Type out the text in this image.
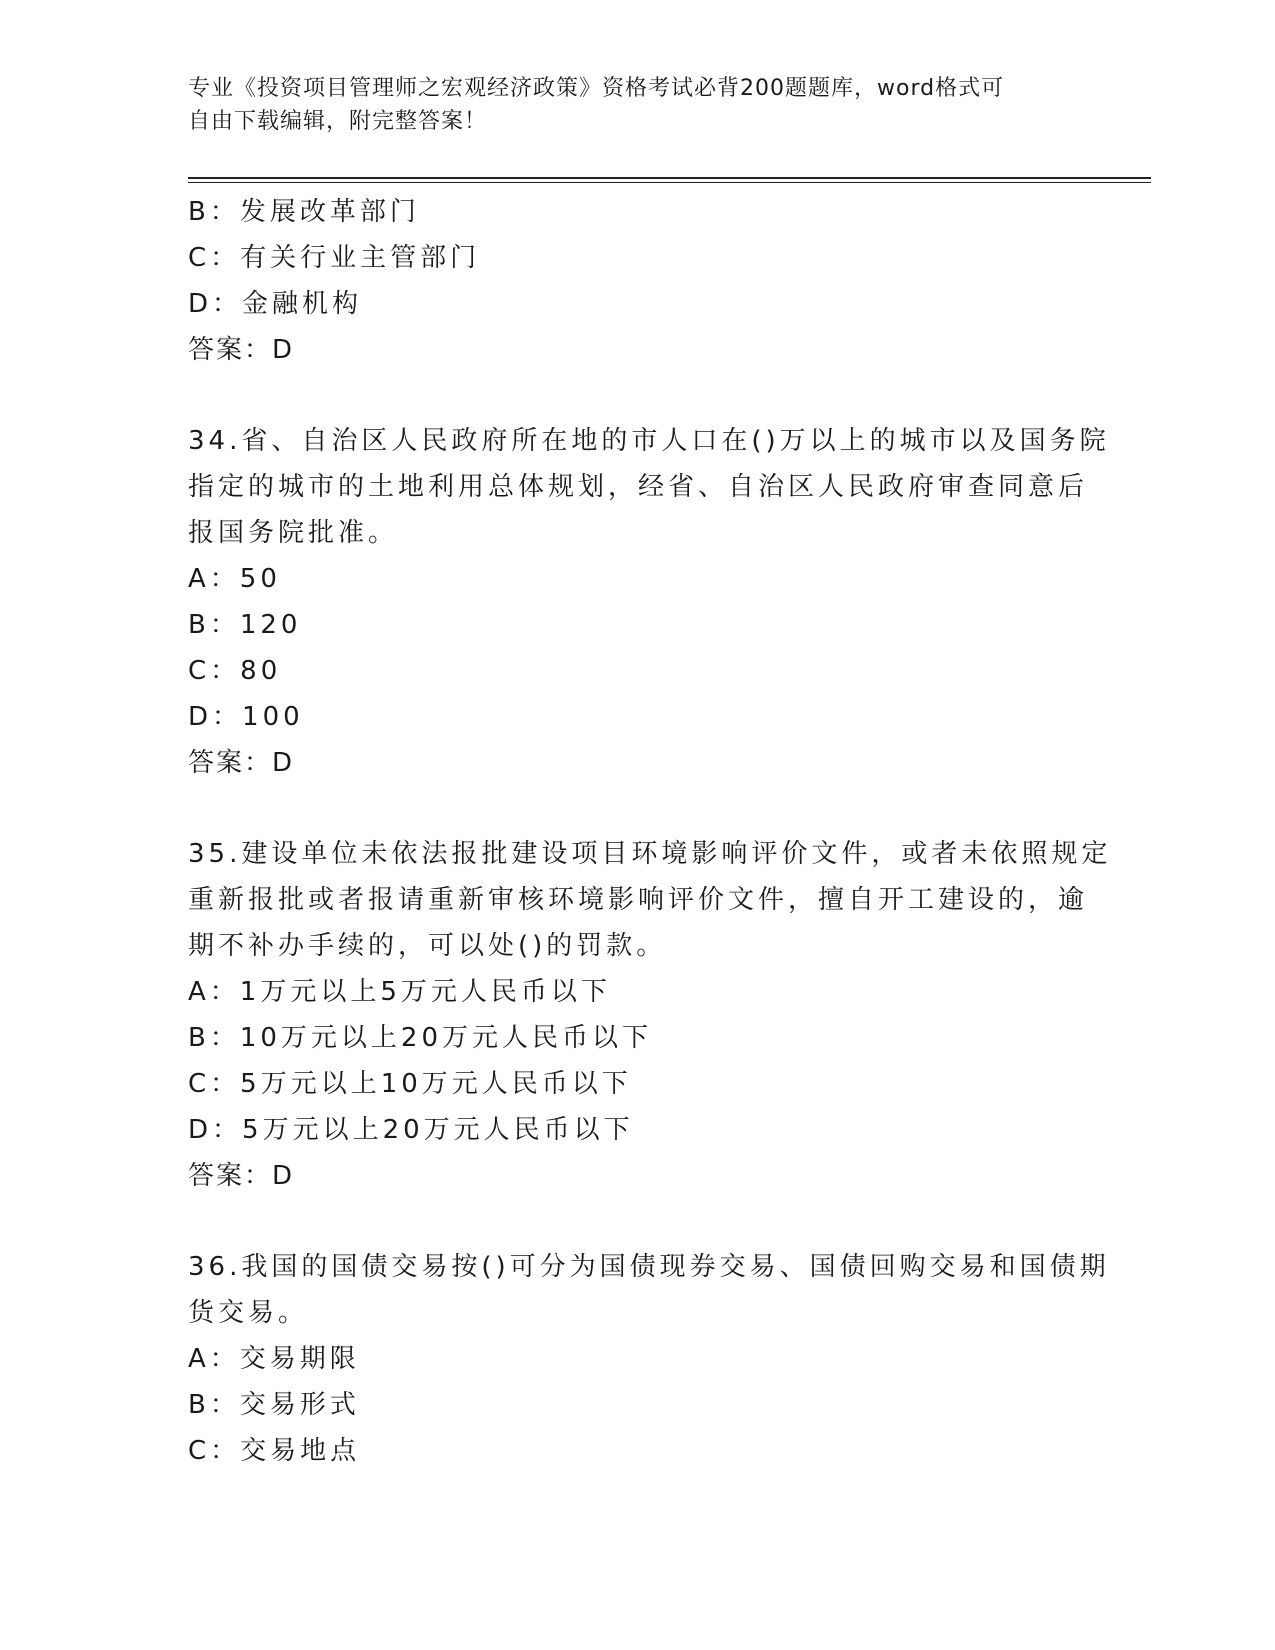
专业《投资项目管理师之宏观经济政策》资格考试必背200题题库，word格式可
自由下载编辑，附完整答案！
B：发展改革部门
C：有关行业主管部门
D：金融机构
答案：D
34.省、自治区人民政府所在地的市人口在()万以上的城市以及国务院
指定的城市的土地利用总体规划，经省、自治区人民政府审查同意后
报国务院批准。
A：50
B：120
C：80
D：100
答案：D
35.建设单位未依法报批建设项目环境影响评价文件，或者未依照规定
重新报批或者报请重新审核环境影响评价文件，擅自开工建设的，逾
期不补办手续的，可以处()的罚款。
A：1万元以上5万元人民币以下
B：10万元以上20万元人民币以下
C：5万元以上10万元人民币以下
D：5万元以上20万元人民币以下
答案：D
36.我国的国债交易按()可分为国债现券交易、国债回购交易和国债期
货交易。
A：交易期限
B：交易形式
C：交易地点
